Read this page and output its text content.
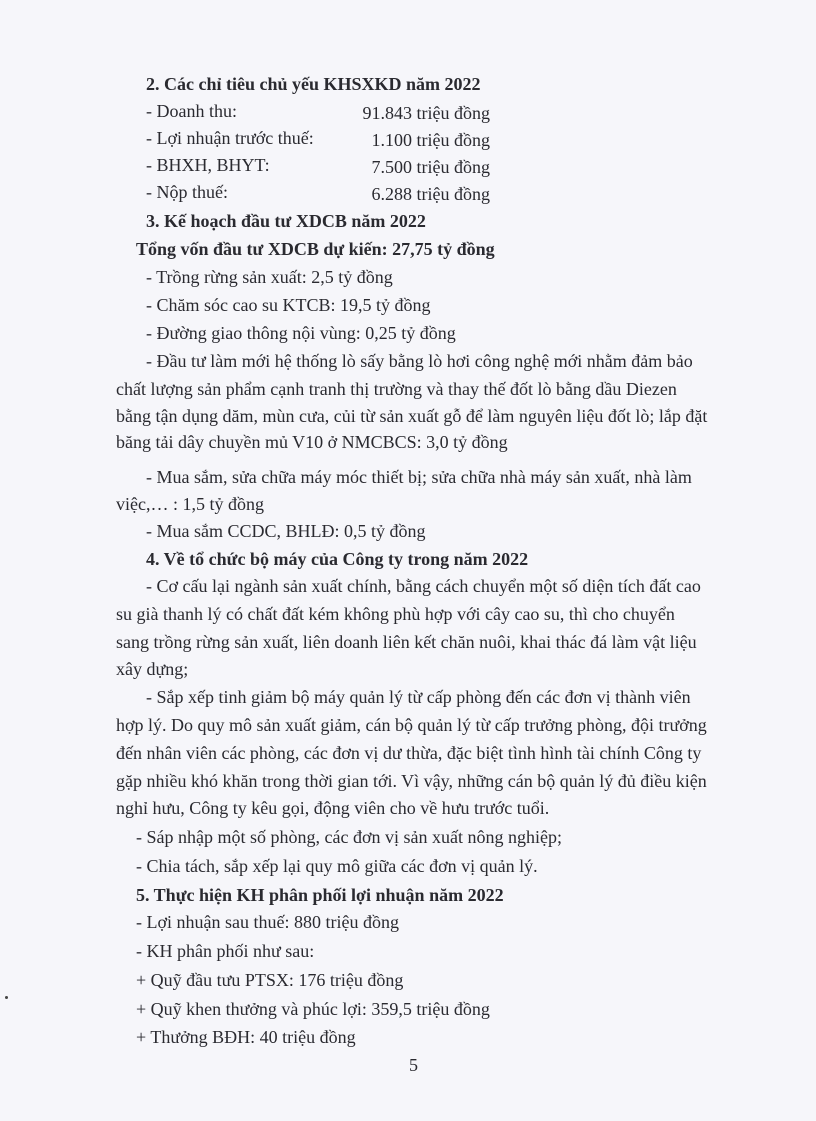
2. Các chỉ tiêu chủ yếu KHSXKD năm 2022
- Doanh thu:	91.843 triệu đồng
- Lợi nhuận trước thuế:	1.100 triệu đồng
- BHXH, BHYT:	7.500 triệu đồng
- Nộp thuế:	6.288 triệu đồng
3. Kế hoạch đầu tư XDCB năm 2022
Tổng vốn đầu tư XDCB dự kiến: 27,75 tỷ đồng
- Trồng rừng sản xuất: 2,5 tỷ đồng
- Chăm sóc cao su KTCB: 19,5 tỷ đồng
- Đường giao thông nội vùng: 0,25 tỷ đồng
- Đầu tư làm mới hệ thống lò sấy bằng lò hơi công nghệ mới nhằm đảm bảo
chất lượng sản phẩm cạnh tranh thị trường và thay thế đốt lò bằng dầu Diezen
bằng tận dụng dăm, mùn cưa, củi từ sản xuất gỗ để làm nguyên liệu đốt lò; lắp đặt
băng tải dây chuyền mủ V10 ở NMCBCS: 3,0 tỷ đồng
- Mua sắm, sửa chữa máy móc thiết bị; sửa chữa nhà máy sản xuất, nhà làm
việc,… : 1,5 tỷ đồng
- Mua sắm CCDC, BHLĐ: 0,5 tỷ đồng
4. Về tổ chức bộ máy của Công ty trong năm 2022
- Cơ cấu lại ngành sản xuất chính, bằng cách chuyển một số diện tích đất cao
su già thanh lý có chất đất kém không phù hợp với cây cao su, thì cho chuyển
sang trồng rừng sản xuất, liên doanh liên kết chăn nuôi, khai thác đá làm vật liệu
xây dựng;
- Sắp xếp tinh giảm bộ máy quản lý từ cấp phòng đến các đơn vị thành viên
hợp lý. Do quy mô sản xuất giảm, cán bộ quản lý từ cấp trưởng phòng, đội trưởng
đến nhân viên các phòng, các đơn vị dư thừa, đặc biệt tình hình tài chính Công ty
gặp nhiều khó khăn trong thời gian tới. Vì vậy, những cán bộ quản lý đủ điều kiện
nghỉ hưu, Công ty kêu gọi, động viên cho về hưu trước tuổi.
- Sáp nhập một số phòng, các đơn vị sản xuất nông nghiệp;
- Chia tách, sắp xếp lại quy mô giữa các đơn vị quản lý.
5. Thực hiện KH phân phối lợi nhuận năm 2022
- Lợi nhuận sau thuế: 880 triệu đồng
- KH phân phối như sau:
+ Quỹ đầu tưu PTSX: 176 triệu đồng
+ Quỹ khen thưởng và phúc lợi: 359,5 triệu đồng
+ Thưởng BĐH: 40 triệu đồng
5
